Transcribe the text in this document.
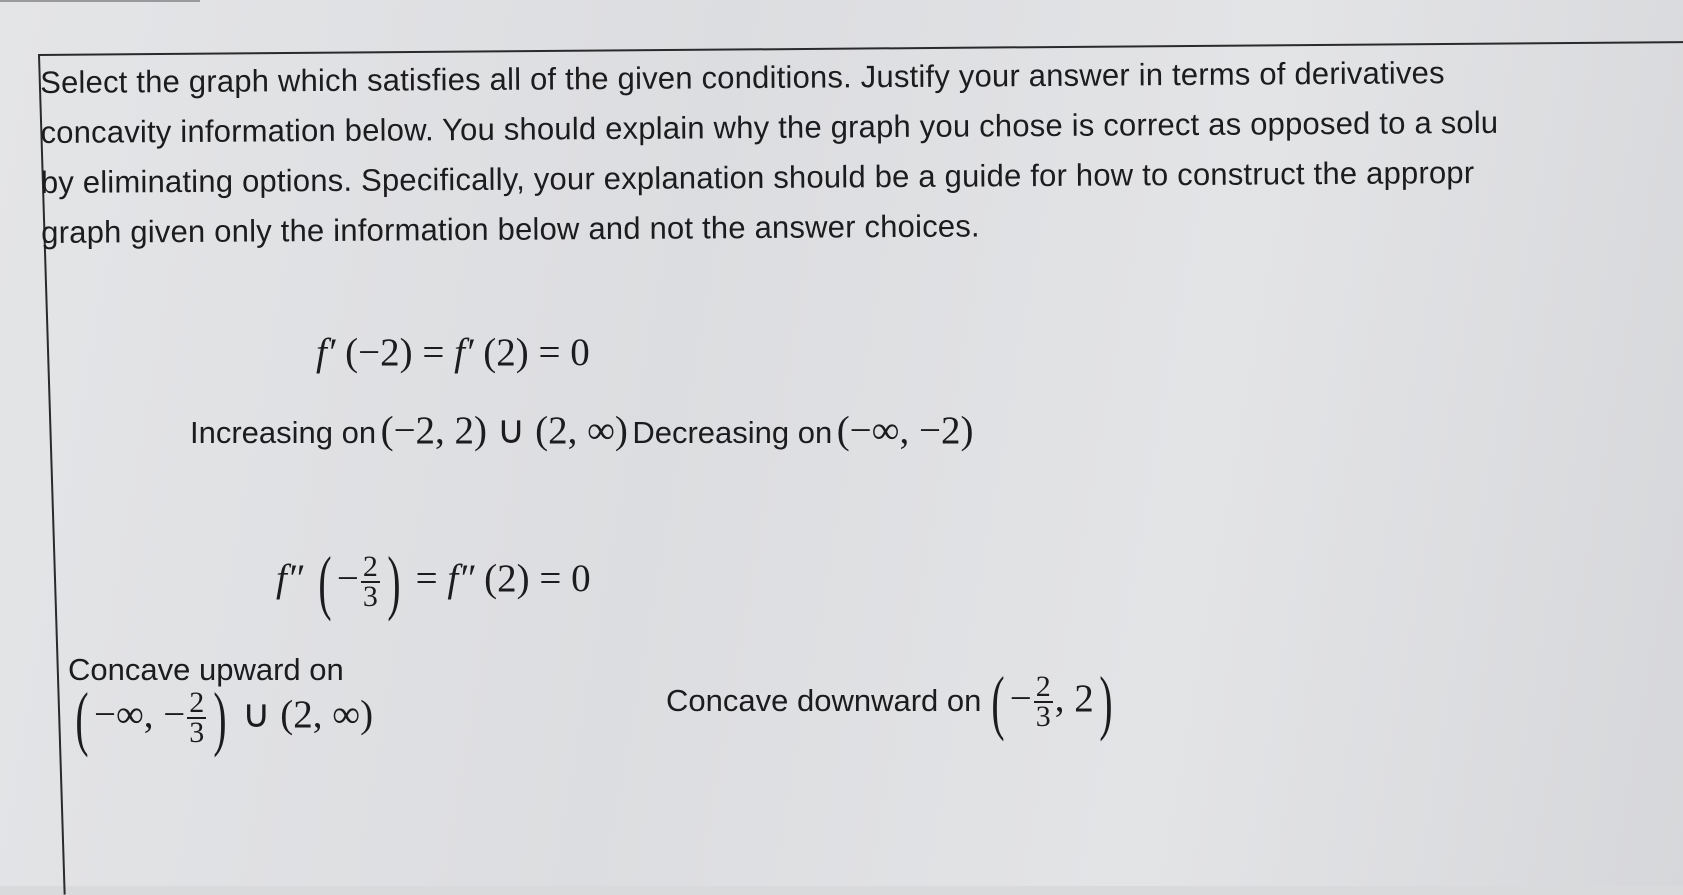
Select the graph which satisfies all of the given conditions. Justify your answer in terms of derivatives
concavity information below. You should explain why the graph you chose is correct as opposed to a solu
by eliminating options. Specifically, your explanation should be a guide for how to construct the appropr
graph given only the information below and not the answer choices.
f′ (−2) = f′ (2) = 0
Increasing on (−2, 2) ∪ (2, ∞) Decreasing on (−∞, −2)
f″ ( − $\frac{2}{3}$ ) = f″ (2) = 0
Concave upward on
( −∞, − $\frac{2}{3}$ ) ∪ (2, ∞)	Concave downward on ( − $\frac{2}{3}$ , 2)
